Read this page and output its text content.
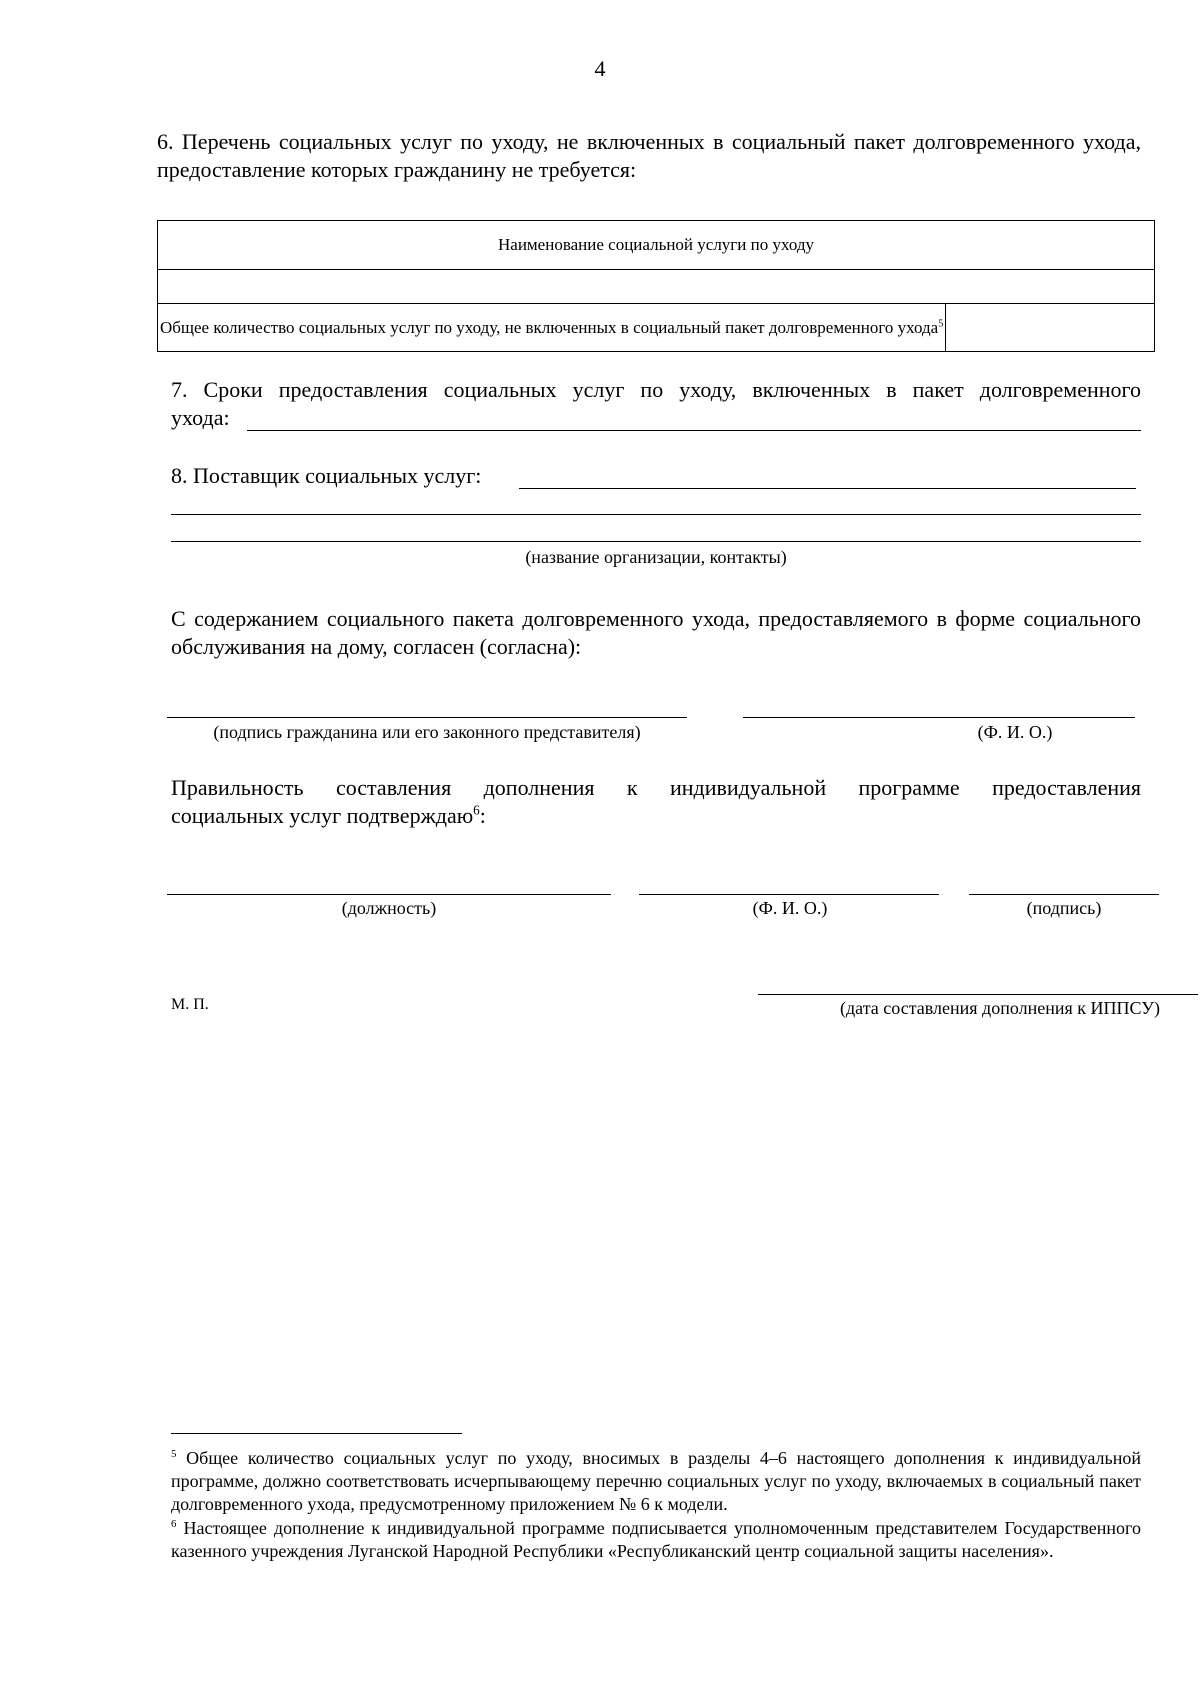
4
6. Перечень социальных услуг по уходу, не включенных в социальный пакет долговременного ухода, предоставление которых гражданину не требуется:
Наименование социальной услуги по уходу

Общее количество социальных услуг по уходу, не включенных в социальный пакет долговременного ухода$^5$	
7. Сроки предоставления социальных услуг по уходу, включенных в пакет долговременного
ухода:
8. Поставщик социальных услуг:
(название организации, контакты)
С содержанием социального пакета долговременного ухода, предоставляемого в форме социального обслуживания на дому, согласен (согласна):
(подпись гражданина или его законного представителя)	(Ф. И. О.)
Правильность составления дополнения к индивидуальной программе предоставления
социальных услуг подтверждаю$^6$:
(должность)	(Ф. И. О.)	(подпись)
М. П.	(дата составления дополнения к ИППСУ)
$^5$ Общее количество социальных услуг по уходу, вносимых в разделы 4–6 настоящего дополнения к индивидуальной программе, должно соответствовать исчерпывающему перечню социальных услуг по уходу, включаемых в социальный пакет долговременного ухода, предусмотренному приложением № 6 к модели.
$^6$ Настоящее дополнение к индивидуальной программе подписывается уполномоченным представителем Государственного казенного учреждения Луганской Народной Республики «Республиканский центр социальной защиты населения».
